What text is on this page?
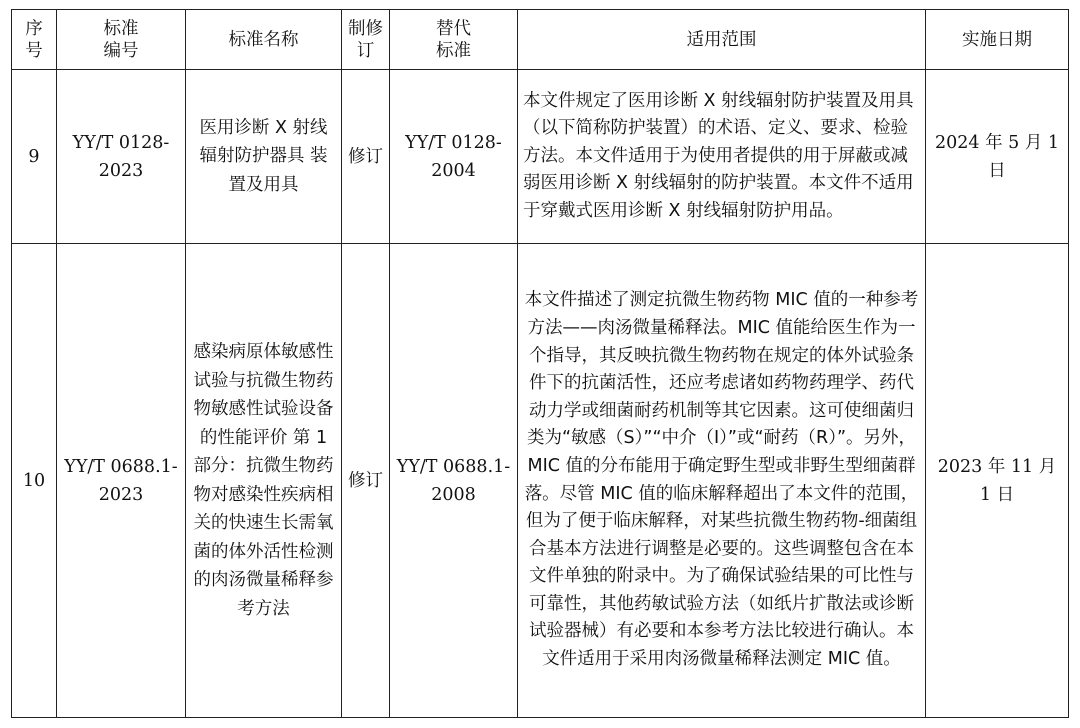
序号	标准编号	标准名称	制修订	替代标准	适用范围	实施日期

9	YY/T 0128-2023	医用诊断 X 射线辐射防护器具 装置及用具	修订	YY/T 0128-2004	本文件规定了医用诊断 X 射线辐射防护装置及用具（以下简称防护装置）的术语、定义、要求、检验方法。本文件适用于为使用者提供的用于屏蔽或减弱医用诊断 X 射线辐射的防护装置。本文件不适用于穿戴式医用诊断 X 射线辐射防护用品。	2024 年 5 月 1 日

10	YY/T 0688.1-2023	感染病原体敏感性试验与抗微生物药物敏感性试验设备的性能评价 第 1 部分：抗微生物药物对感染性疾病相关的快速生长需氧菌的体外活性检测的肉汤微量稀释参考方法	修订	YY/T 0688.1-2008	本文件描述了测定抗微生物药物 MIC 值的一种参考方法——肉汤微量稀释法。MIC 值能给医生作为一个指导，其反映抗微生物药物在规定的体外试验条件下的抗菌活性，还应考虑诸如药物药理学、药代动力学或细菌耐药机制等其它因素。这可使细菌归类为“敏感（S）”“中介（I）”或“耐药（R）”。另外，MIC 值的分布能用于确定野生型或非野生型细菌群落。尽管 MIC 值的临床解释超出了本文件的范围，但为了便于临床解释，对某些抗微生物药物-细菌组合基本方法进行调整是必要的。这些调整包含在本文件单独的附录中。为了确保试验结果的可比性与可靠性，其他药敏试验方法（如纸片扩散法或诊断试验器械）有必要和本参考方法比较进行确认。本文件适用于采用肉汤微量稀释法测定 MIC 值。	2023 年 11 月 1 日
